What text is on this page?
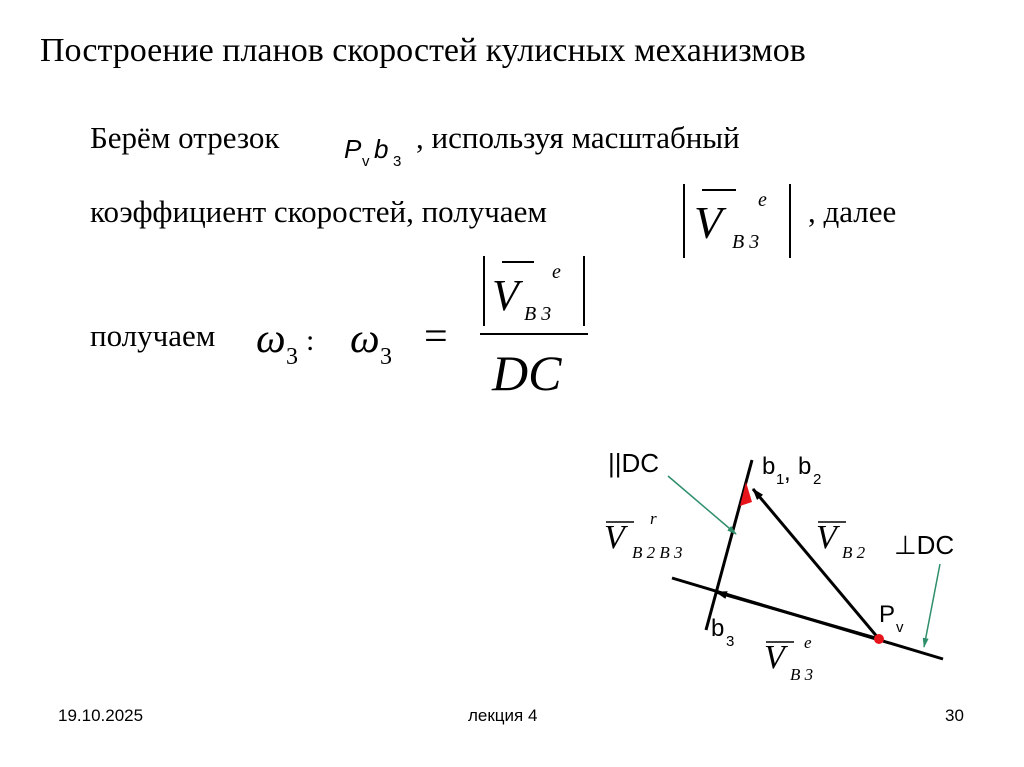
Построение планов скоростей кулисных механизмов
Берём отрезок P v b 3
, используя масштабный
коэффициент скоростей, получаем	V e
B 3
, далее
получаем ω 3 : ω 3 =
V e
B 3
DC
||DC
⊥DC
b 1 , b 2
b 3
P v
V B 2
V
r
B 2 B 3
V e
B 3
19.10.2025	лекция 4	30
